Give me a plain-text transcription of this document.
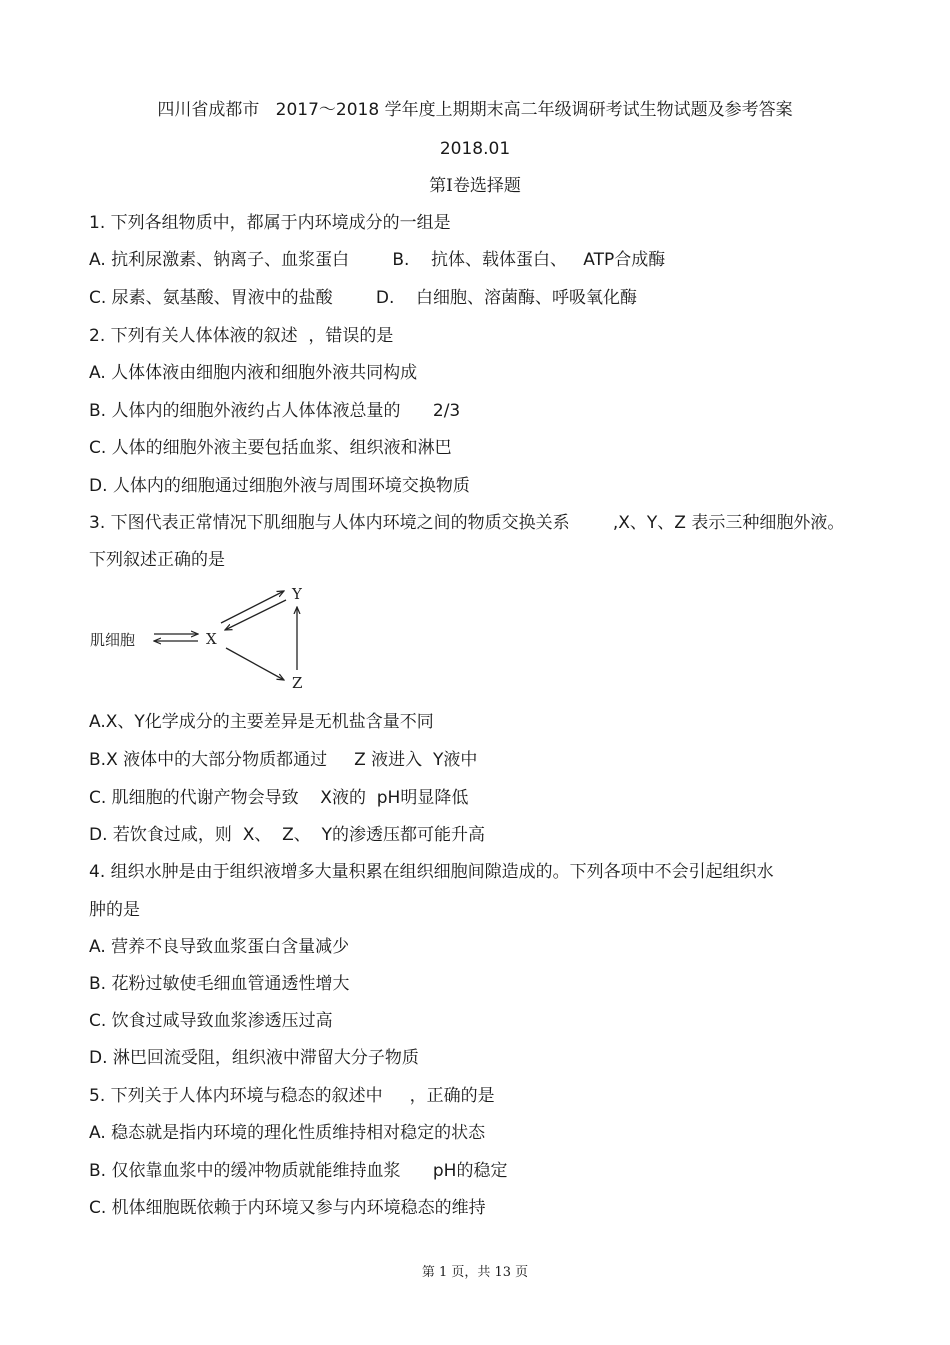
四川省成都市   2017～2018 学年度上期期末高二年级调研考试生物试题及参考答案
2018.01
第Ⅰ卷选择题
1. 下列各组物质中，都属于内环境成分的一组是
A. 抗利尿激素、钠离子、血浆蛋白        B.    抗体、载体蛋白、   ATP合成酶
C. 尿素、氨基酸、胃液中的盐酸        D.    白细胞、溶菌酶、呼吸氧化酶
2. 下列有关人体体液的叙述  ，错误的是
A. 人体体液由细胞内液和细胞外液共同构成
B. 人体内的细胞外液约占人体体液总量的      2/3
C. 人体的细胞外液主要包括血浆、组织液和淋巴
D. 人体内的细胞通过细胞外液与周围环境交换物质
3. 下图代表正常情况下肌细胞与人体内环境之间的物质交换关系        ,X、Y、Z 表示三种细胞外液。
下列叙述正确的是
肌细胞	X
Y
Z
A.X、Y化学成分的主要差异是无机盐含量不同
B.X 液体中的大部分物质都通过     Z 液进入  Y液中
C. 肌细胞的代谢产物会导致    X液的  pH明显降低
D. 若饮食过咸，则  X、  Z、  Y的渗透压都可能升高
4. 组织水肿是由于组织液增多大量积累在组织细胞间隙造成的。下列各项中不会引起组织水
肿的是
A. 营养不良导致血浆蛋白含量减少
B. 花粉过敏使毛细血管通透性增大
C. 饮食过咸导致血浆渗透压过高
D. 淋巴回流受阻，组织液中滞留大分子物质
5. 下列关于人体内环境与稳态的叙述中     ，正确的是
A. 稳态就是指内环境的理化性质维持相对稳定的状态
B. 仅依靠血浆中的缓冲物质就能维持血浆      pH的稳定
C. 机体细胞既依赖于内环境又参与内环境稳态的维持
第 1 页，共 13 页
